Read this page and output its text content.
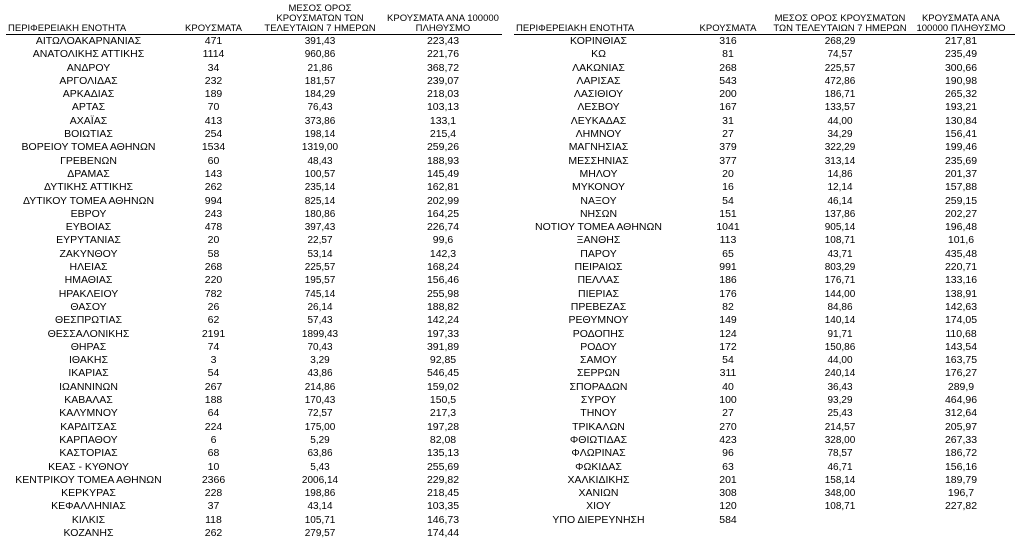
ΠΕΡΙΦΕΡΕΙΑΚΗ ΕΝΟΤΗΤΑ	ΚΡΟΥΣΜΑΤΑ	ΜΕΣΟΣ ΟΡΟΣ ΚΡΟΥΣΜΑΤΩΝ ΤΩΝ ΤΕΛΕΥΤΑΙΩΝ 7 ΗΜΕΡΩΝ	ΚΡΟΥΣΜΑΤΑ ΑΝΑ 100000 ΠΛΗΘΥΣΜΟ
ΑΙΤΩΛΟΑΚΑΡΝΑΝΙΑΣ	471	391,43	223,43
ΑΝΑΤΟΛΙΚΗΣ ΑΤΤΙΚΗΣ	1114	960,86	221,76
ΑΝΔΡΟΥ	34	21,86	368,72
ΑΡΓΟΛΙΔΑΣ	232	181,57	239,07
ΑΡΚΑΔΙΑΣ	189	184,29	218,03
ΑΡΤΑΣ	70	76,43	103,13
ΑΧΑΪΑΣ	413	373,86	133,1
ΒΟΙΩΤΙΑΣ	254	198,14	215,4
ΒΟΡΕΙΟΥ ΤΟΜΕΑ ΑΘΗΝΩΝ	1534	1319,00	259,26
ΓΡΕΒΕΝΩΝ	60	48,43	188,93
ΔΡΑΜΑΣ	143	100,57	145,49
ΔΥΤΙΚΗΣ ΑΤΤΙΚΗΣ	262	235,14	162,81
ΔΥΤΙΚΟΥ ΤΟΜΕΑ ΑΘΗΝΩΝ	994	825,14	202,99
ΕΒΡΟΥ	243	180,86	164,25
ΕΥΒΟΙΑΣ	478	397,43	226,74
ΕΥΡΥΤΑΝΙΑΣ	20	22,57	99,6
ΖΑΚΥΝΘΟΥ	58	53,14	142,3
ΗΛΕΙΑΣ	268	225,57	168,24
ΗΜΑΘΙΑΣ	220	195,57	156,46
ΗΡΑΚΛΕΙΟΥ	782	745,14	255,98
ΘΑΣΟΥ	26	26,14	188,82
ΘΕΣΠΡΩΤΙΑΣ	62	57,43	142,24
ΘΕΣΣΑΛΟΝΙΚΗΣ	2191	1899,43	197,33
ΘΗΡΑΣ	74	70,43	391,89
ΙΘΑΚΗΣ	3	3,29	92,85
ΙΚΑΡΙΑΣ	54	43,86	546,45
ΙΩΑΝΝΙΝΩΝ	267	214,86	159,02
ΚΑΒΑΛΑΣ	188	170,43	150,5
ΚΑΛΥΜΝΟΥ	64	72,57	217,3
ΚΑΡΔΙΤΣΑΣ	224	175,00	197,28
ΚΑΡΠΑΘΟΥ	6	5,29	82,08
ΚΑΣΤΟΡΙΑΣ	68	63,86	135,13
ΚΕΑΣ - ΚΥΘΝΟΥ	10	5,43	255,69
ΚΕΝΤΡΙΚΟΥ ΤΟΜΕΑ ΑΘΗΝΩΝ	2366	2006,14	229,82
ΚΕΡΚΥΡΑΣ	228	198,86	218,45
ΚΕΦΑΛΛΗΝΙΑΣ	37	43,14	103,35
ΚΙΛΚΙΣ	118	105,71	146,73
ΚΟΖΑΝΗΣ	262	279,57	174,44
ΠΕΡΙΦΕΡΕΙΑΚΗ ΕΝΟΤΗΤΑ	ΚΡΟΥΣΜΑΤΑ	ΜΕΣΟΣ ΟΡΟΣ ΚΡΟΥΣΜΑΤΩΝ ΤΩΝ ΤΕΛΕΥΤΑΙΩΝ 7 ΗΜΕΡΩΝ	ΚΡΟΥΣΜΑΤΑ ΑΝΑ 100000 ΠΛΗΘΥΣΜΟ
ΚΟΡΙΝΘΙΑΣ	316	268,29	217,81
ΚΩ	81	74,57	235,49
ΛΑΚΩΝΙΑΣ	268	225,57	300,66
ΛΑΡΙΣΑΣ	543	472,86	190,98
ΛΑΣΙΘΙΟΥ	200	186,71	265,32
ΛΕΣΒΟΥ	167	133,57	193,21
ΛΕΥΚΑΔΑΣ	31	44,00	130,84
ΛΗΜΝΟΥ	27	34,29	156,41
ΜΑΓΝΗΣΙΑΣ	379	322,29	199,46
ΜΕΣΣΗΝΙΑΣ	377	313,14	235,69
ΜΗΛΟΥ	20	14,86	201,37
ΜΥΚΟΝΟΥ	16	12,14	157,88
ΝΑΞΟΥ	54	46,14	259,15
ΝΗΣΩΝ	151	137,86	202,27
ΝΟΤΙΟΥ ΤΟΜΕΑ ΑΘΗΝΩΝ	1041	905,14	196,48
ΞΑΝΘΗΣ	113	108,71	101,6
ΠΑΡΟΥ	65	43,71	435,48
ΠΕΙΡΑΙΩΣ	991	803,29	220,71
ΠΕΛΛΑΣ	186	176,71	133,16
ΠΙΕΡΙΑΣ	176	144,00	138,91
ΠΡΕΒΕΖΑΣ	82	84,86	142,63
ΡΕΘΥΜΝΟΥ	149	140,14	174,05
ΡΟΔΟΠΗΣ	124	91,71	110,68
ΡΟΔΟΥ	172	150,86	143,54
ΣΑΜΟΥ	54	44,00	163,75
ΣΕΡΡΩΝ	311	240,14	176,27
ΣΠΟΡΑΔΩΝ	40	36,43	289,9
ΣΥΡΟΥ	100	93,29	464,96
ΤΗΝΟΥ	27	25,43	312,64
ΤΡΙΚΑΛΩΝ	270	214,57	205,97
ΦΘΙΩΤΙΔΑΣ	423	328,00	267,33
ΦΛΩΡΙΝΑΣ	96	78,57	186,72
ΦΩΚΙΔΑΣ	63	46,71	156,16
ΧΑΛΚΙΔΙΚΗΣ	201	158,14	189,79
ΧΑΝΙΩΝ	308	348,00	196,7
ΧΙΟΥ	120	108,71	227,82
ΥΠΟ ΔΙΕΡΕΥΝΗΣΗ	584		
